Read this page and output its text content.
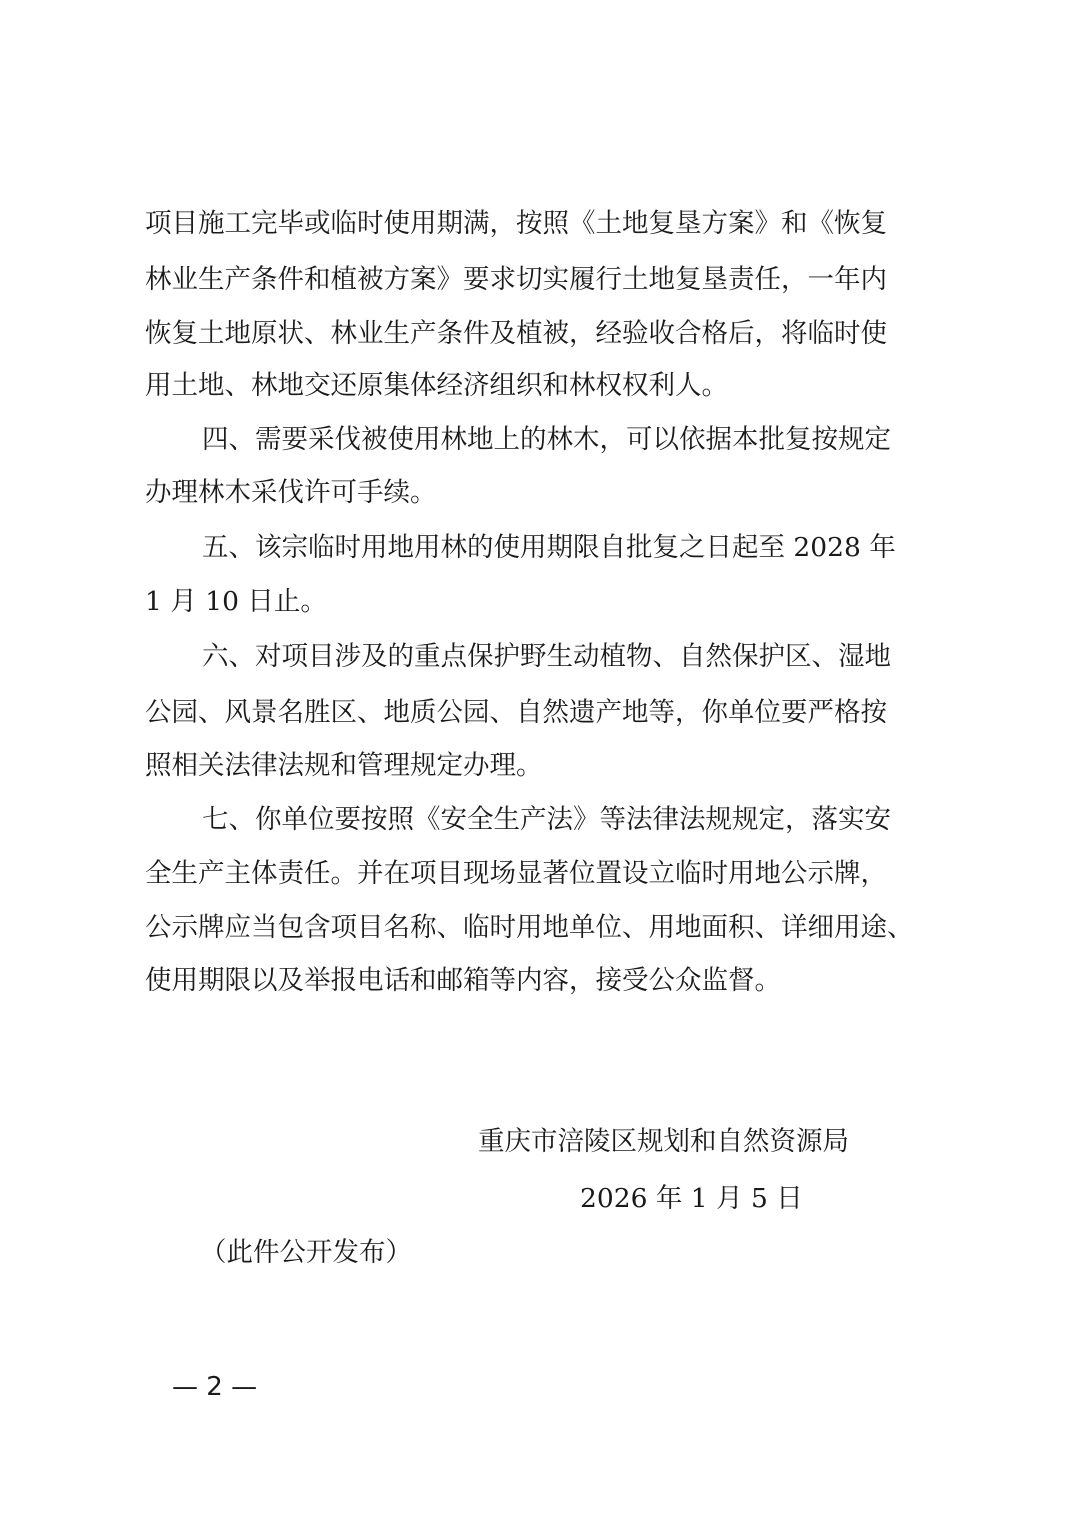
项目施工完毕或临时使用期满，按照《土地复垦方案》和《恢复
林业生产条件和植被方案》要求切实履行土地复垦责任，一年内
恢复土地原状、林业生产条件及植被，经验收合格后，将临时使
用土地、林地交还原集体经济组织和林权权利人。
四、需要采伐被使用林地上的林木，可以依据本批复按规定
办理林木采伐许可手续。
五、该宗临时用地用林的使用期限自批复之日起至 2028 年
1 月 10 日止。
六、对项目涉及的重点保护野生动植物、自然保护区、湿地
公园、风景名胜区、地质公园、自然遗产地等，你单位要严格按
照相关法律法规和管理规定办理。
七、你单位要按照《安全生产法》等法律法规规定，落实安
全生产主体责任。并在项目现场显著位置设立临时用地公示牌，
公示牌应当包含项目名称、临时用地单位、用地面积、详细用途、
使用期限以及举报电话和邮箱等内容，接受公众监督。
重庆市涪陵区规划和自然资源局
2026 年 1 月 5 日
（此件公开发布）
— 2 —
